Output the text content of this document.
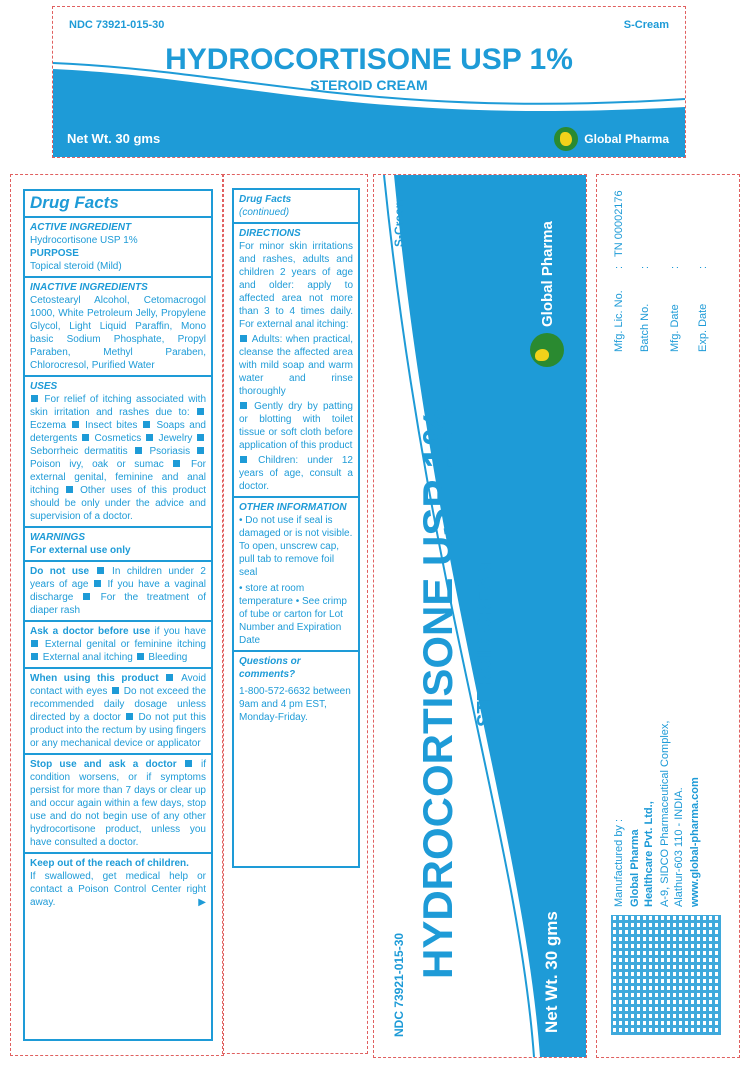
NDC 73921-015-30	S-Cream
HYDROCORTISONE USP 1%
STEROID CREAM
Net Wt. 30 gms	Global Pharma
Drug Facts
ACTIVE INGREDIENT
Hydrocortisone USP 1%
PURPOSE
Topical steroid (Mild)
INACTIVE INGREDIENTS
Cetostearyl Alcohol, Cetomacrogol 1000, White Petroleum Jelly, Propylene Glycol, Light Liquid Paraffin, Mono basic Sodium Phosphate, Propyl Paraben, Methyl Paraben, Chlorocresol, Purified Water
USES
For relief of itching associated with skin irritation and rashes due to:  Eczema Insect bites Soaps and detergents Cosmetics Jewelry  Seborrheic dermatitis Psoriasis  Poison ivy, oak or sumac	For external genital, feminine and anal itching Other uses of this product should be only under the advice and supervision of a doctor.
WARNINGS
For external use only
Do not use In children under 2 years of age If you have a vaginal discharge	For the treatment of diaper rash
Ask a doctor before use if you have  External genital or feminine itching  External anal itching Bleeding
When using this product Avoid contact with eyes Do not exceed the recommended daily dosage unless directed by a doctor Do not put this product into the rectum by using fingers or any mechanical device or applicator
Stop use and ask a doctor if condition worsens, or if symptoms persist for more than 7 days or clear up and occur again within a few days, stop use and do not begin use of any other hydrocortisone product, unless you have consulted a doctor.
Keep out of the reach of children.
If swallowed, get medical help or contact a Poison Control Center right away.	▶
Drug Facts
(continued)
DIRECTIONS
For minor skin irritations and rashes, adults and children 2 years of age and older: apply to affected area not more than 3 to 4 times daily. For external anal itching:
Adults: when practical, cleanse the affected area with mild soap and warm water and rinse thoroughly
Gently dry by patting or blotting with toilet tissue or soft cloth before application of this product
Children: under 12 years of age, consult a doctor.
OTHER INFORMATION
• Do not use if seal is damaged or is not visible. To open, unscrew cap, pull tab to remove foil seal
• store at room temperature • See crimp of tube or carton for Lot Number and Expiration Date
Questions or comments?
1-800-572-6632 between 9am and 4 pm EST, Monday-Friday.
NDC 73921-015-30
S-Cream
HYDROCORTISONE USP 1% STEROID CREAM
Net Wt. 30 gms
Global Pharma	Mfg. Lic. No.
:
TN 00002176
Batch No.
:
Mfg. Date
:
Exp. Date
:
Manufactured by : Global Pharma Healthcare Pvt. Ltd., A-9, SIDCO Pharmaceutical Complex, Alathur-603 110 - INDIA. www.global-pharma.com
